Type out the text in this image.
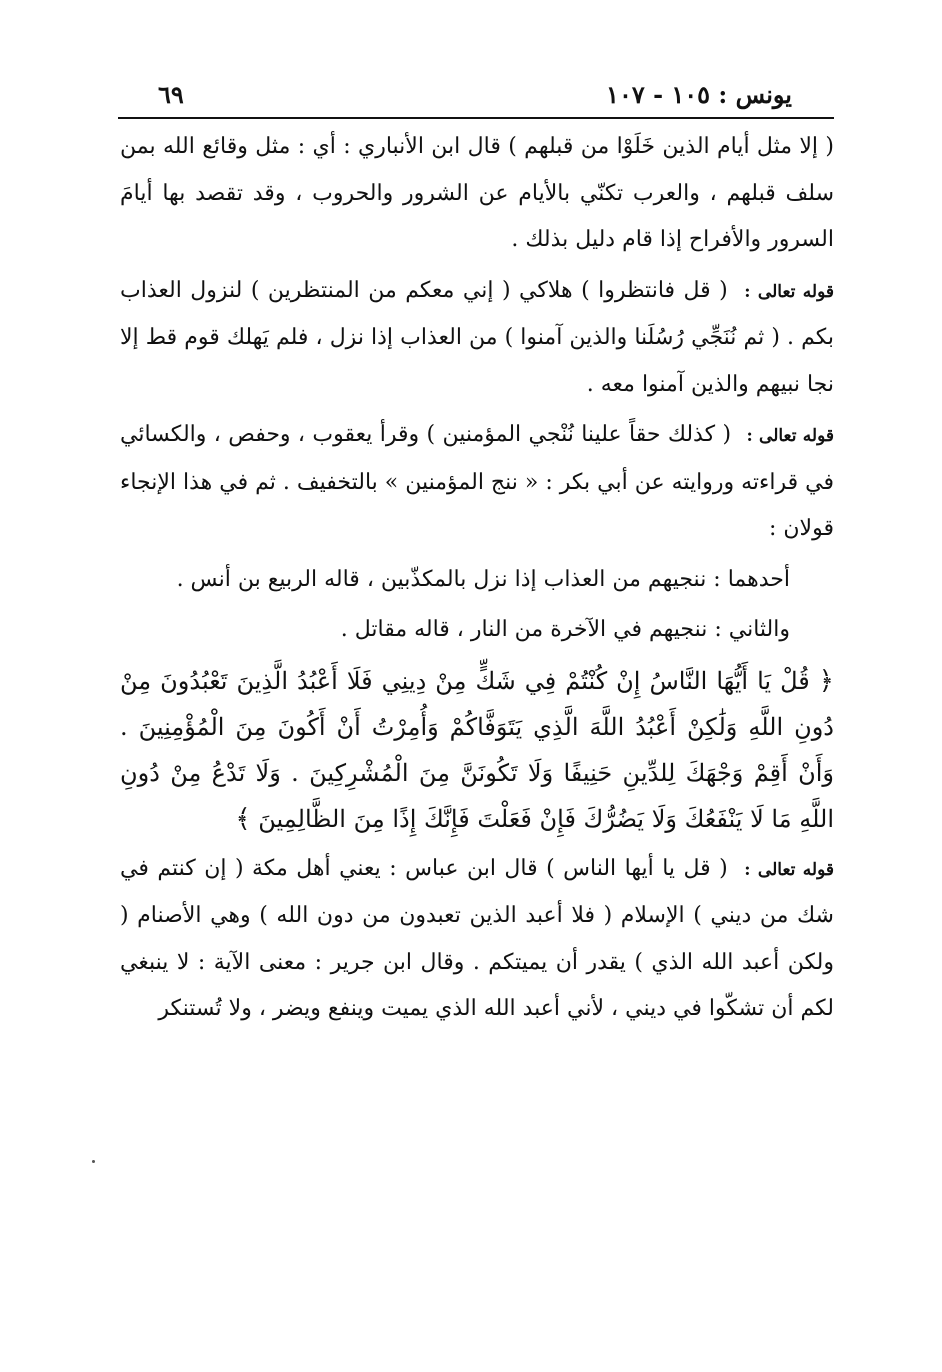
يونس : ١٠٥ - ١٠٧
٦٩

( إلا مثل أيام الذين خَلَوْا من قبلهم ) قال ابن الأنباري : أي : مثل وقائع الله بمن سلف قبلهم ، والعرب تكنّي بالأيام عن الشرور والحروب ، وقد تقصد بها أيامَ السرور والأفراح إذا قام دليل بذلك .

قوله تعالى : ( قل فانتظروا ) هلاكي ( إني معكم من المنتظرين ) لنزول العذاب بكم . ( ثم نُنَجِّي رُسُلَنا والذين آمنوا ) من العذاب إذا نزل ، فلم يَهلك قوم قط إلا نجا نبيهم والذين آمنوا معه .

قوله تعالى : ( كذلك حقاً علينا نُنْجي المؤمنين ) وقرأ يعقوب ، وحفص ، والكسائي في قراءته وروايته عن أبي بكر : « ننج المؤمنين » بالتخفيف . ثم في هذا الإنجاء قولان :

أحدهما : ننجيهم من العذاب إذا نزل بالمكذّبين ، قاله الربيع بن أنس .

والثاني : ننجيهم في الآخرة من النار ، قاله مقاتل .

﴿ قُلْ يَا أَيُّهَا النَّاسُ إِنْ كُنْتُمْ فِي شَكٍّ مِنْ دِينِي فَلَا أَعْبُدُ الَّذِينَ تَعْبُدُونَ مِنْ دُونِ اللَّهِ وَلَٰكِنْ أَعْبُدُ اللَّهَ الَّذِي يَتَوَفَّاكُمْ وَأُمِرْتُ أَنْ أَكُونَ مِنَ الْمُؤْمِنِينَ . وَأَنْ أَقِمْ وَجْهَكَ لِلدِّينِ حَنِيفًا وَلَا تَكُونَنَّ مِنَ الْمُشْرِكِينَ . وَلَا تَدْعُ مِنْ دُونِ اللَّهِ مَا لَا يَنْفَعُكَ وَلَا يَضُرُّكَ فَإِنْ فَعَلْتَ فَإِنَّكَ إِذًا مِنَ الظَّالِمِينَ ﴾

قوله تعالى : ( قل يا أيها الناس ) قال ابن عباس : يعني أهل مكة ( إن كنتم في شك من ديني ) الإسلام ( فلا أعبد الذين تعبدون من دون الله ) وهي الأصنام ( ولكن أعبد الله الذي ) يقدر أن يميتكم . وقال ابن جرير : معنى الآية : لا ينبغي لكم أن تشكّوا في ديني ، لأني أعبد الله الذي يميت وينفع ويضر ، ولا تُستنكر
